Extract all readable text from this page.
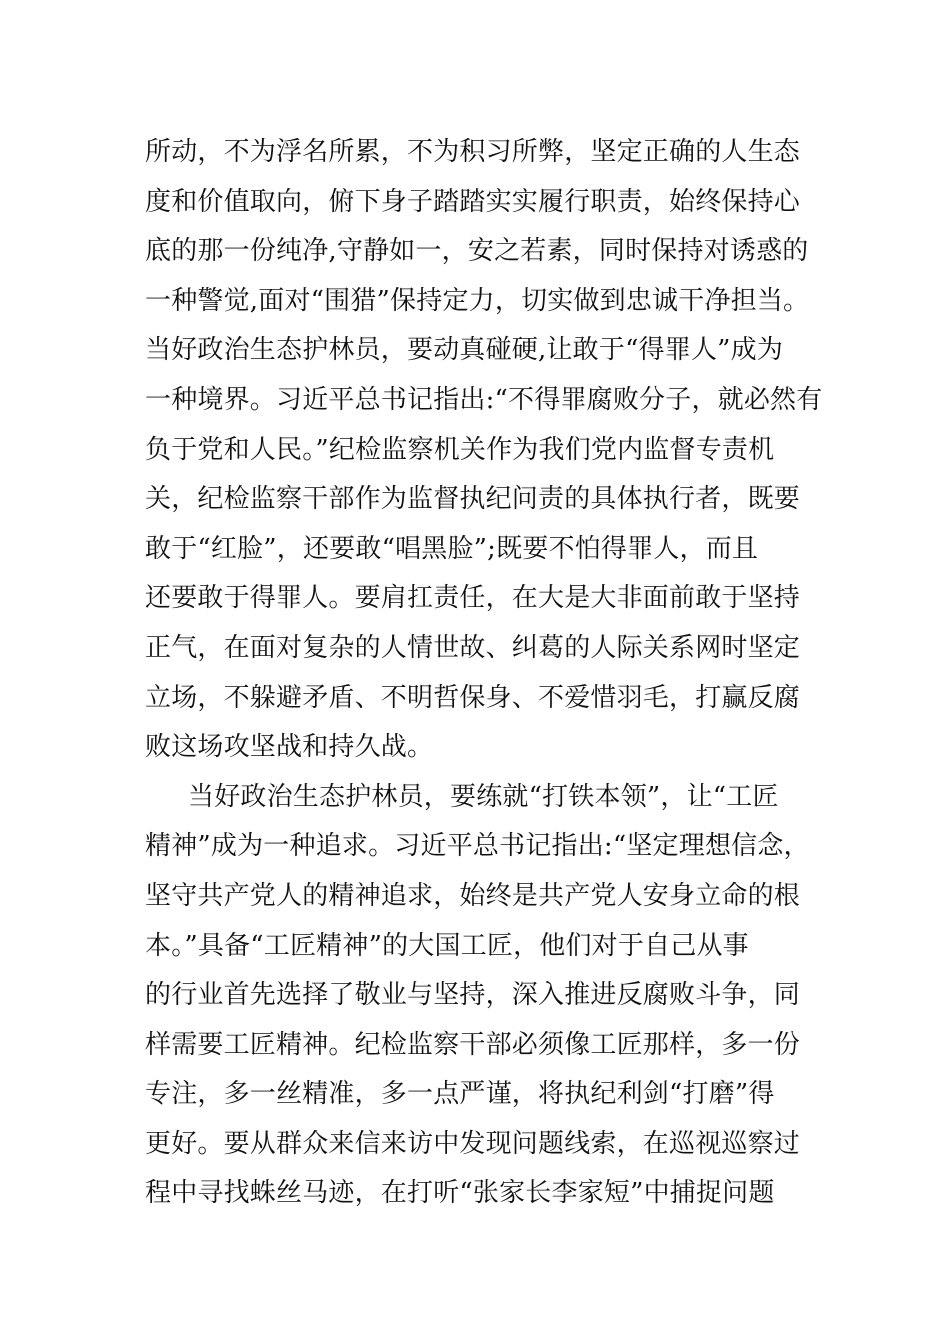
所动，不为浮名所累，不为积习所弊，坚定正确的人生态
度和价值取向，俯下身子踏踏实实履行职责，始终保持心
底的那一份纯净,守静如一，安之若素，同时保持对诱惑的
一种警觉,面对“围猎”保持定力，切实做到忠诚干净担当。
当好政治生态护林员，要动真碰硬,让敢于“得罪人”成为
一种境界。习近平总书记指出:“不得罪腐败分子，就必然有
负于党和人民。”纪检监察机关作为我们党内监督专责机
关，纪检监察干部作为监督执纪问责的具体执行者，既要
敢于“红脸”，还要敢“唱黑脸”;既要不怕得罪人，而且
还要敢于得罪人。要肩扛责任，在大是大非面前敢于坚持
正气，在面对复杂的人情世故、纠葛的人际关系网时坚定
立场，不躲避矛盾、不明哲保身、不爱惜羽毛，打赢反腐
败这场攻坚战和持久战。
当好政治生态护林员，要练就“打铁本领”，让“工匠
精神”成为一种追求。习近平总书记指出:“坚定理想信念，
坚守共产党人的精神追求，始终是共产党人安身立命的根
本。”具备“工匠精神”的大国工匠，他们对于自己从事
的行业首先选择了敬业与坚持，深入推进反腐败斗争，同
样需要工匠精神。纪检监察干部必须像工匠那样，多一份
专注，多一丝精准，多一点严谨，将执纪利剑“打磨”得
更好。要从群众来信来访中发现问题线索，在巡视巡察过
程中寻找蛛丝马迹，在打听“张家长李家短”中捕捉问题
